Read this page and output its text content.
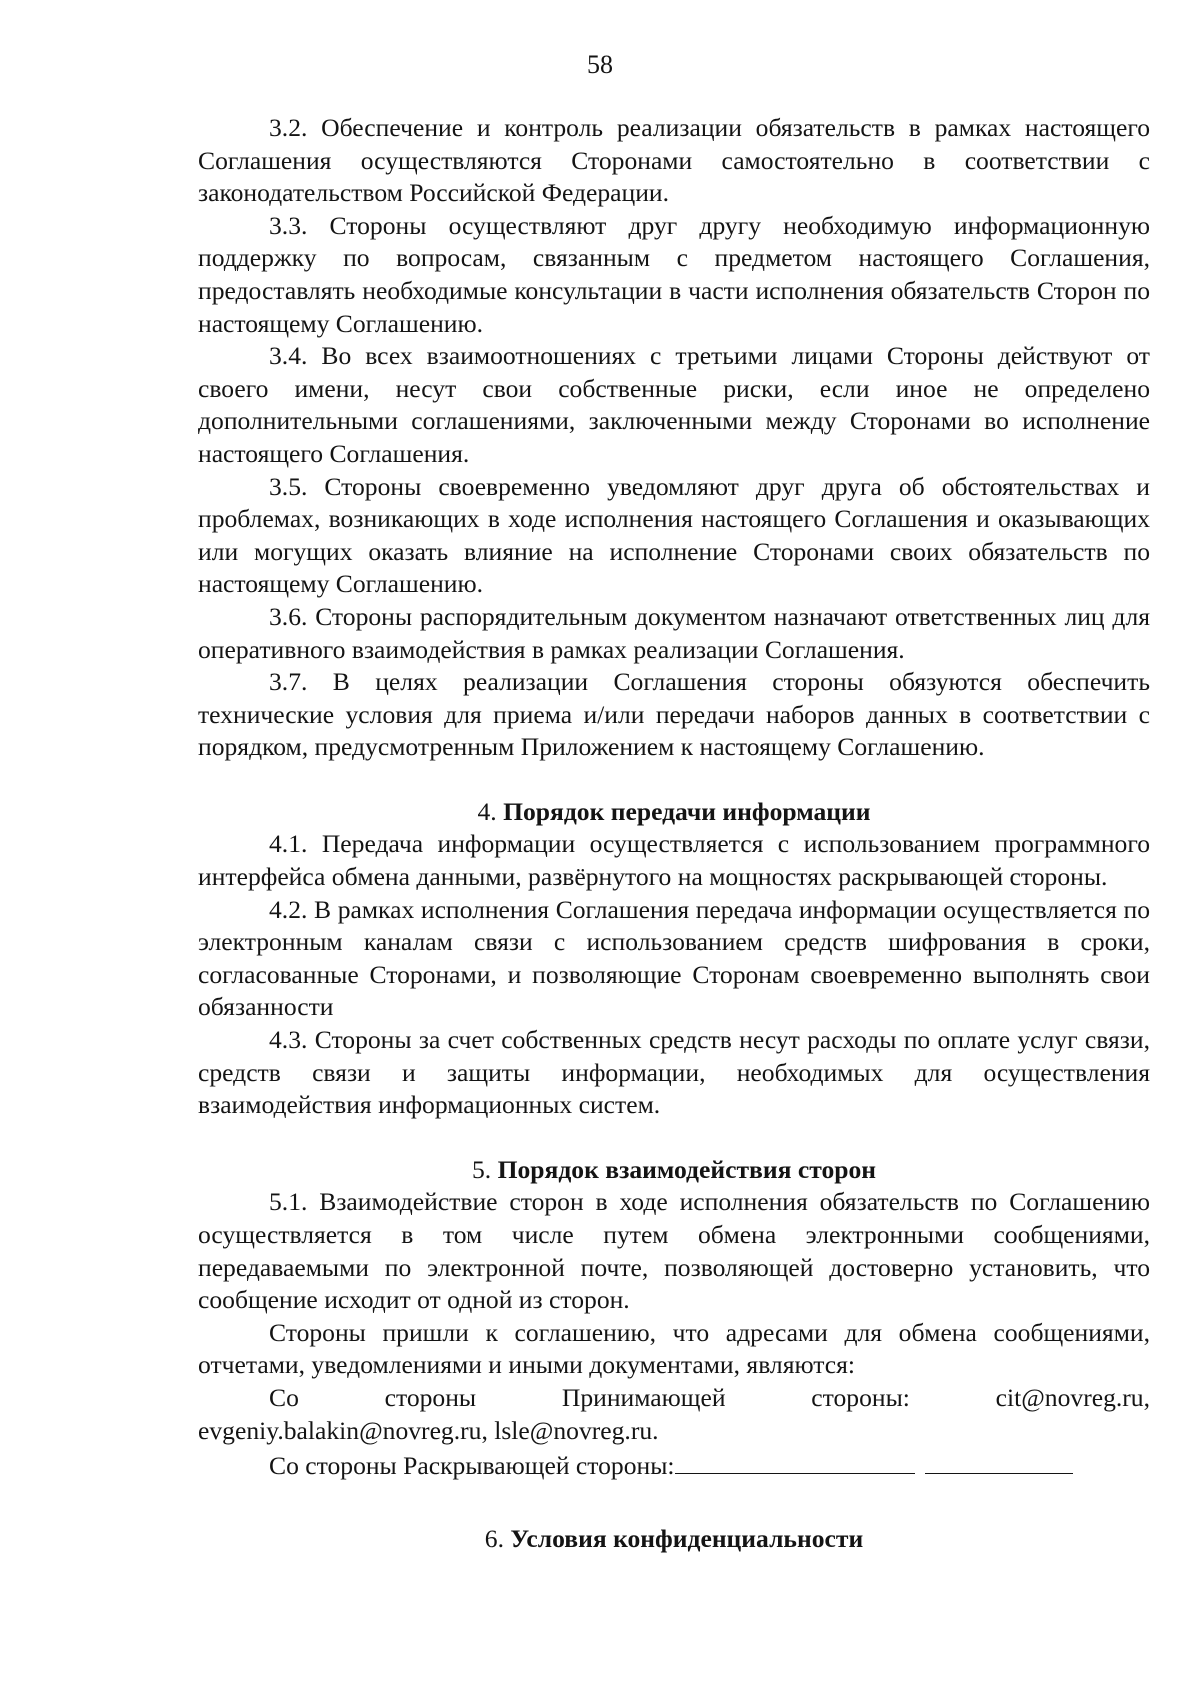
58

3.2. Обеспечение и контроль реализации обязательств в рамках настоящего Соглашения осуществляются Сторонами самостоятельно в соответствии с законодательством Российской Федерации.

3.3. Стороны осуществляют друг другу необходимую информационную поддержку по вопросам, связанным с предметом настоящего Соглашения, предоставлять необходимые консультации в части исполнения обязательств Сторон по настоящему Соглашению.

3.4. Во всех взаимоотношениях с третьими лицами Стороны действуют от своего имени, несут свои собственные риски, если иное не определено дополнительными соглашениями, заключенными между Сторонами во исполнение настоящего Соглашения.

3.5. Стороны своевременно уведомляют друг друга об обстоятельствах и проблемах, возникающих в ходе исполнения настоящего Соглашения и оказывающих или могущих оказать влияние на исполнение Сторонами своих обязательств по настоящему Соглашению.

3.6. Стороны распорядительным документом назначают ответственных лиц для оперативного взаимодействия в рамках реализации Соглашения.

3.7. В целях реализации Соглашения стороны обязуются обеспечить технические условия для приема и/или передачи наборов данных в соответствии с порядком, предусмотренным Приложением к настоящему Соглашению.

4. Порядок передачи информации

4.1. Передача информации осуществляется с использованием программного интерфейса обмена данными, развёрнутого на мощностях раскрывающей стороны.

4.2. В рамках исполнения Соглашения передача информации осуществляется по электронным каналам связи с использованием средств шифрования в сроки, согласованные Сторонами, и позволяющие Сторонам своевременно выполнять свои обязанности

4.3. Стороны за счет собственных средств несут расходы по оплате услуг связи, средств связи и защиты информации, необходимых для осуществления взаимодействия информационных систем.

5. Порядок взаимодействия сторон

5.1. Взаимодействие сторон в ходе исполнения обязательств по Соглашению осуществляется в том числе путем обмена электронными сообщениями, передаваемыми по электронной почте, позволяющей достоверно установить, что сообщение исходит от одной из сторон.

Стороны пришли к соглашению, что адресами для обмена сообщениями, отчетами, уведомлениями и иными документами, являются:

Со стороны Принимающей стороны: cit@novreg.ru,

evgeniy.balakin@novreg.ru, lsle@novreg.ru.

Со стороны Раскрывающей стороны:

6. Условия конфиденциальности
